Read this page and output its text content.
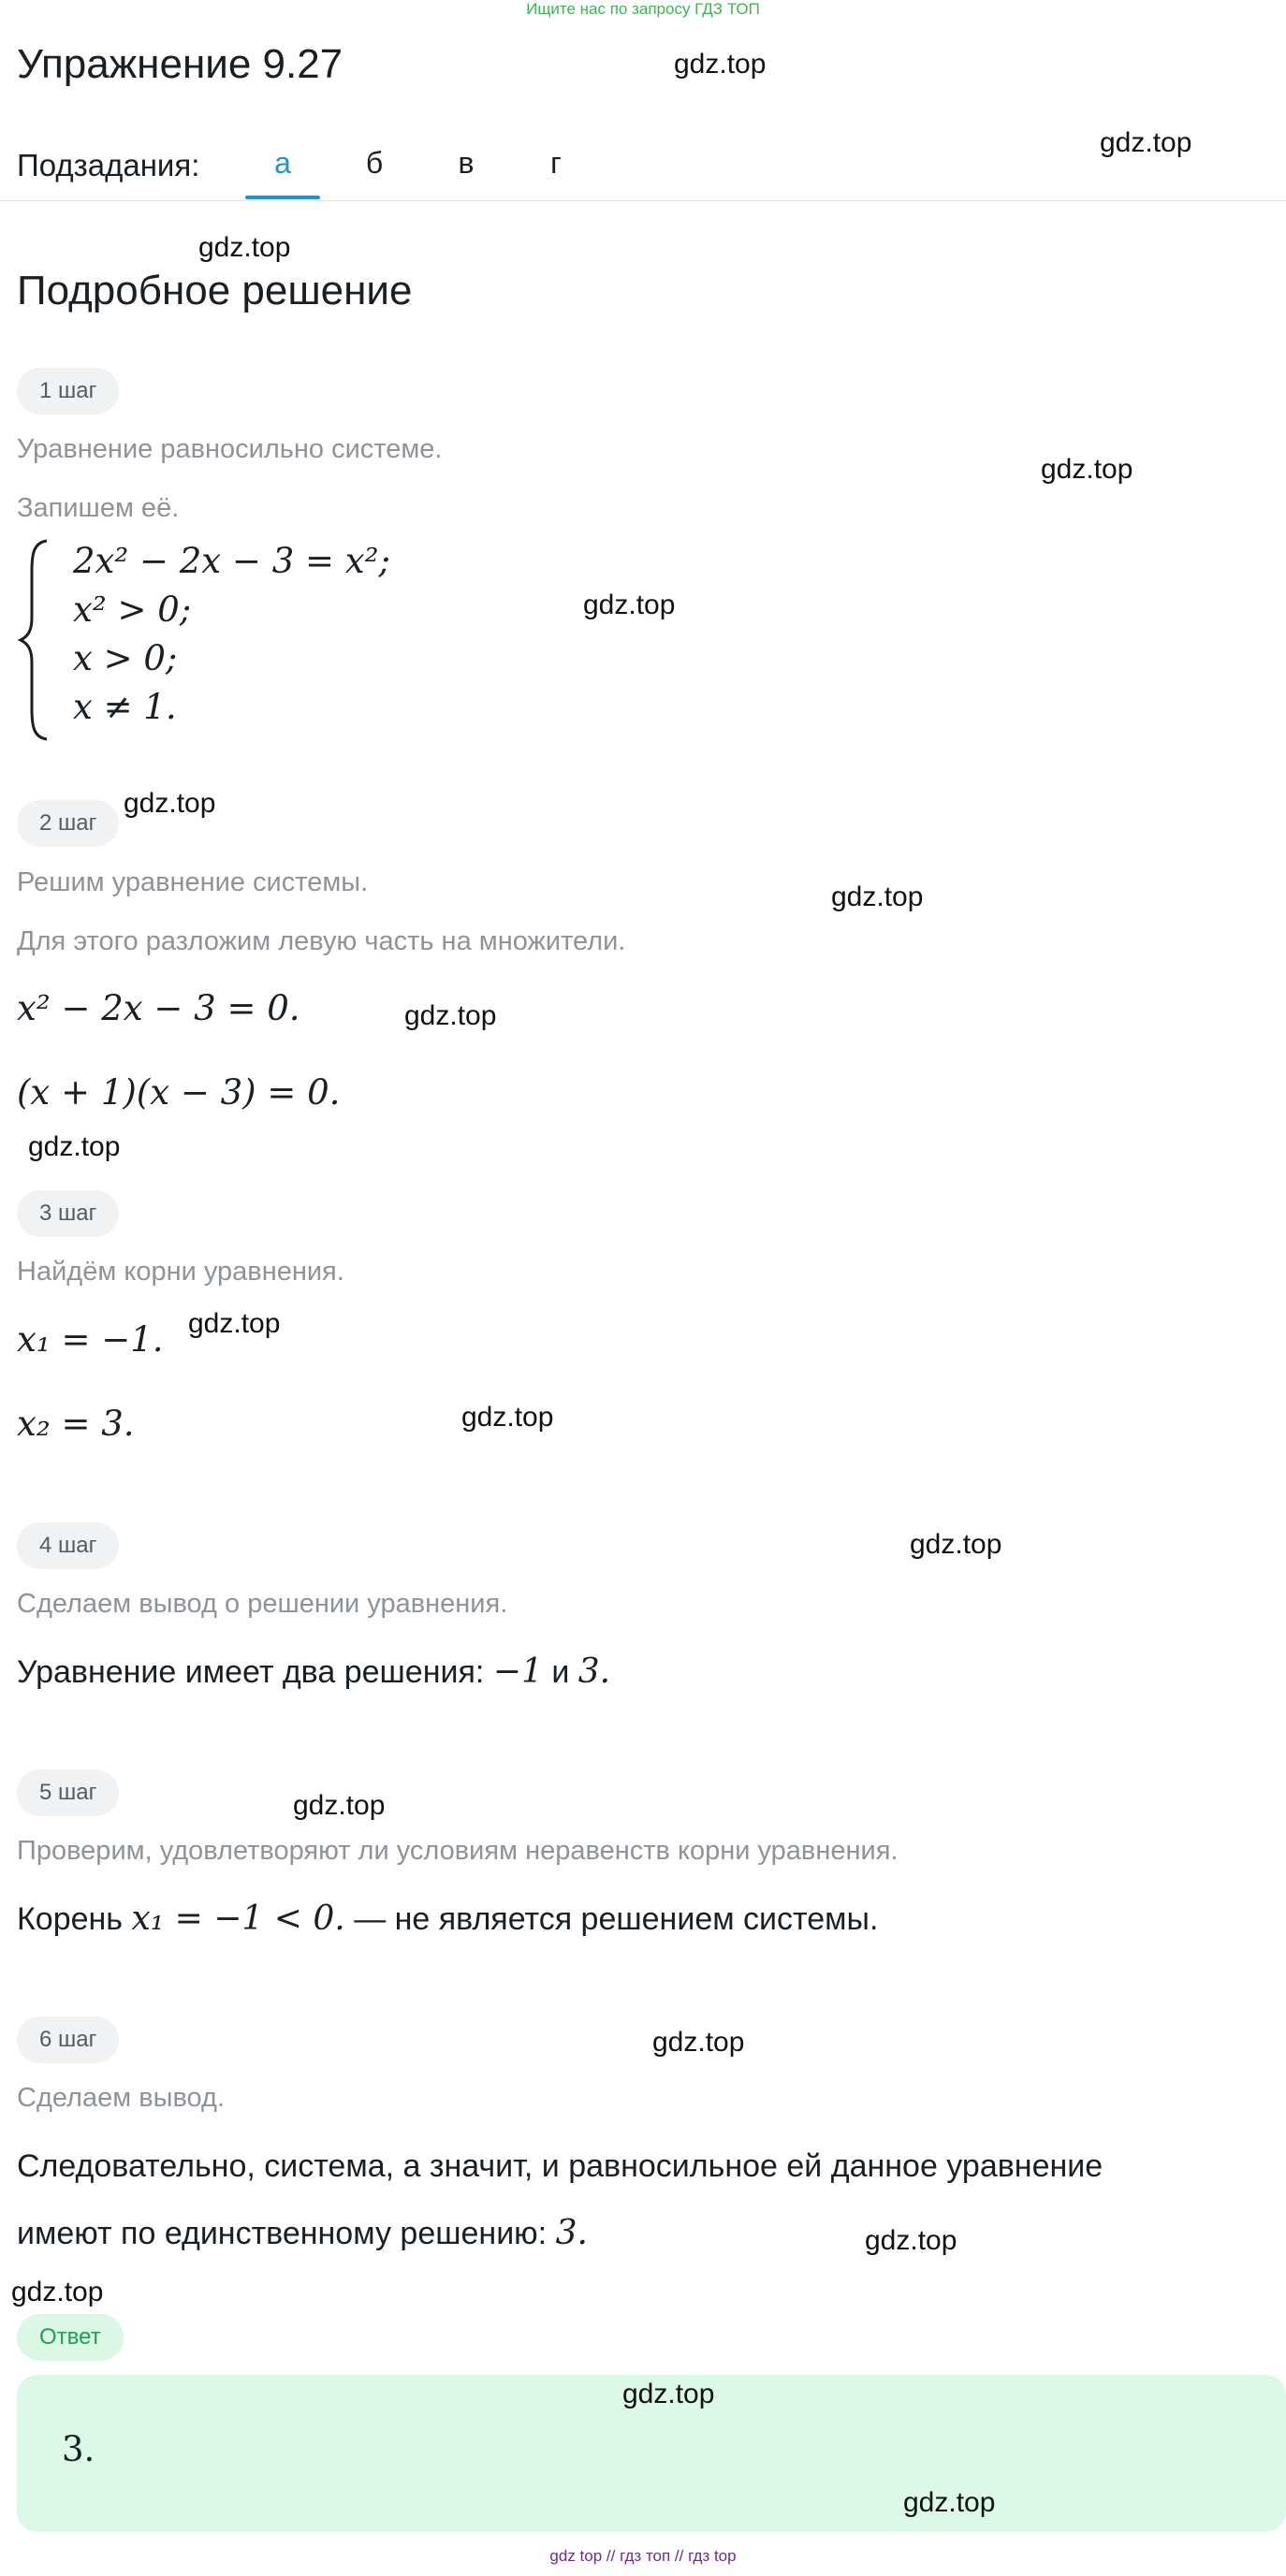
Ищите нас по запросу ГДЗ ТОП
Упражнение 9.27
Подзадания:	а	б	в	г
Подробное решение
1 шаг
Уравнение равносильно системе.
Запишем её.
2x² − 2x − 3 = x²;
x² > 0;
x > 0;
x ≠ 1.
2 шаг
Решим уравнение системы.
Для этого разложим левую часть на множители.
x² − 2x − 3 = 0.
(x + 1)(x − 3) = 0.
3 шаг
Найдём корни уравнения.
x₁ = −1.
x₂ = 3.
4 шаг
Сделаем вывод о решении уравнения.
Уравнение имеет два решения: −1 и 3.
5 шаг
Проверим, удовлетворяют ли условиям неравенств корни уравнения.
Корень x₁ = −1 < 0. — не является решением системы.
6 шаг
Сделаем вывод.
Следовательно, система, а значит, и равносильное ей данное уравнение
имеют по единственному решению: 3.
Ответ
3.
gdz.top
gdz.top
gdz.top
gdz.top
gdz.top
gdz.top
gdz.top
gdz.top
gdz.top
gdz.top
gdz.top
gdz.top
gdz.top
gdz.top
gdz.top
gdz.top
gdz.top
gdz.top
gdz top // гдз топ // гдз top
